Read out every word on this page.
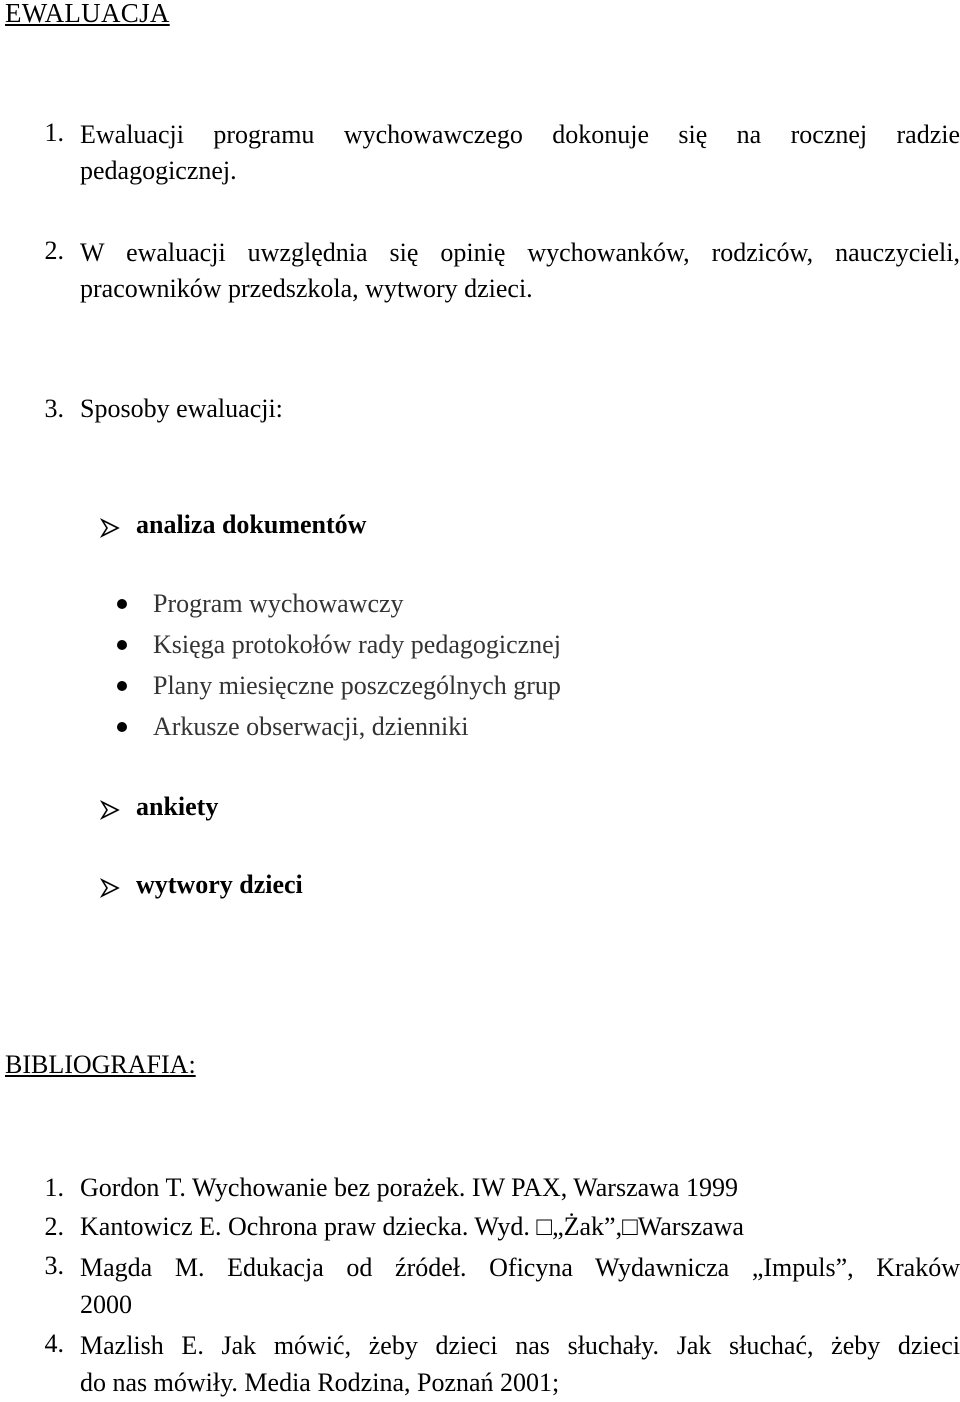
EWALUACJA
1. Ewaluacji programu wychowawczego dokonuje się na rocznej radzie
pedagogicznej.
2. W ewaluacji uwzględnia się opinię wychowanków, rodziców, nauczycieli,
pracowników przedszkola, wytwory dzieci.
3. Sposoby ewaluacji:
analiza dokumentów
Program wychowawczy
Księga protokołów rady pedagogicznej
Plany miesięczne poszczególnych grup
Arkusze obserwacji, dzienniki
ankiety
wytwory dzieci
BIBLIOGRAFIA:
1. Gordon T. Wychowanie bez porażek. IW PAX, Warszawa 1999
2. Kantowicz E. Ochrona praw dziecka. Wyd. □„Żak”,□Warszawa
3. Magda M. Edukacja od źródeł. Oficyna Wydawnicza „Impuls”, Kraków
2000
4. Mazlish E. Jak mówić, żeby dzieci nas słuchały. Jak słuchać, żeby dzieci
do nas mówiły. Media Rodzina, Poznań 2001;
